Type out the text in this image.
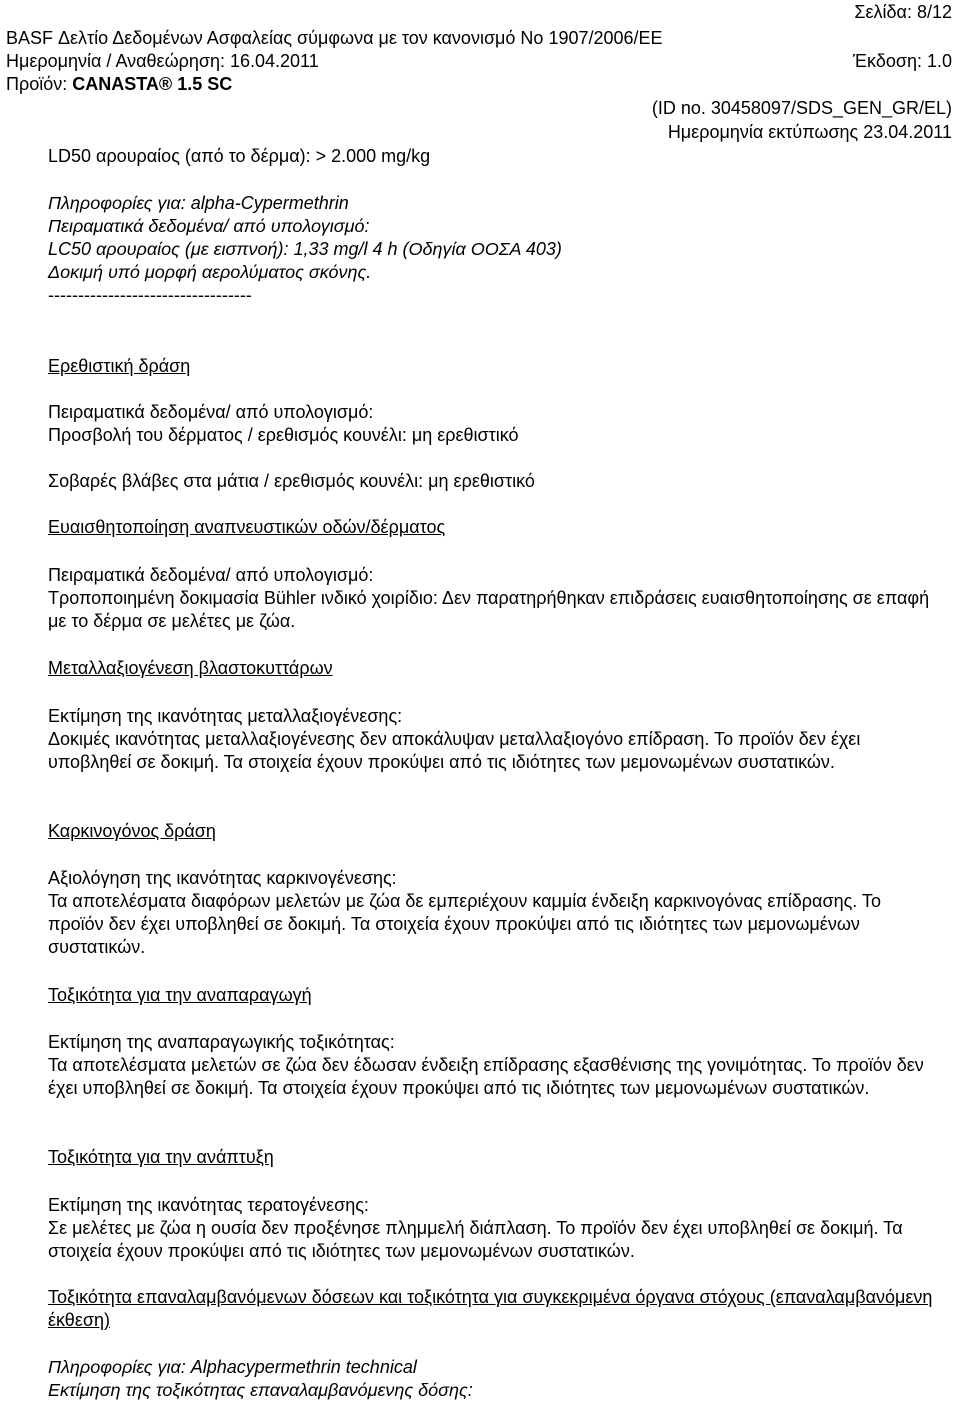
Σελίδα: 8/12
BASF Δελτίο Δεδομένων Ασφαλείας σύμφωνα με τον κανονισμό No 1907/2006/ΕΕ
Ημερομηνία / Αναθεώρηση: 16.04.2011	Έκδοση: 1.0
Προϊόν: CANASTA® 1.5 SC
(ID no. 30458097/SDS_GEN_GR/EL)
Ημερομηνία εκτύπωσης 23.04.2011
LD50 αρουραίος (από το δέρμα): > 2.000 mg/kg
Πληροφορίες για: alpha-Cypermethrin
Πειραματικά δεδομένα/ από υπολογισμό:
LC50 αρουραίος (με εισπνοή): 1,33 mg/l 4 h (Οδηγία ΟΟΣΑ 403)
Δοκιμή υπό μορφή αερολύματος σκόνης.
----------------------------------
Ερεθιστική δράση
Πειραματικά δεδομένα/ από υπολογισμό:
Προσβολή του δέρματος / ερεθισμός κουνέλι: μη ερεθιστικό
Σοβαρές βλάβες στα μάτια / ερεθισμός κουνέλι: μη ερεθιστικό
Ευαισθητοποίηση αναπνευστικών οδών/δέρματος
Πειραματικά δεδομένα/ από υπολογισμό:
Τροποποιημένη δοκιμασία Bühler ινδικό χοιρίδιο: Δεν παρατηρήθηκαν επιδράσεις ευαισθητοποίησης σε επαφή με το δέρμα σε μελέτες με ζώα.
Μεταλλαξιογένεση βλαστοκυττάρων
Εκτίμηση της ικανότητας μεταλλαξιογένεσης:
Δοκιμές ικανότητας μεταλλαξιογένεσης δεν αποκάλυψαν μεταλλαξιογόνο επίδραση. Το προϊόν δεν έχει υποβληθεί σε δοκιμή. Τα στοιχεία έχουν προκύψει από τις ιδιότητες των μεμονωμένων συστατικών.
Καρκινογόνος δράση
Αξιολόγηση της ικανότητας καρκινογένεσης:
Τα αποτελέσματα διαφόρων μελετών με ζώα δε εμπεριέχουν καμμία ένδειξη καρκινογόνας επίδρασης. Το προϊόν δεν έχει υποβληθεί σε δοκιμή. Τα στοιχεία έχουν προκύψει από τις ιδιότητες των μεμονωμένων συστατικών.
Τοξικότητα για την αναπαραγωγή
Εκτίμηση της αναπαραγωγικής τοξικότητας:
Τα αποτελέσματα μελετών σε ζώα δεν έδωσαν ένδειξη επίδρασης εξασθένισης της γονιμότητας. Το προϊόν δεν έχει υποβληθεί σε δοκιμή. Τα στοιχεία έχουν προκύψει από τις ιδιότητες των μεμονωμένων συστατικών.
Τοξικότητα για την ανάπτυξη
Εκτίμηση της ικανότητας τερατογένεσης:
Σε μελέτες με ζώα η ουσία δεν προξένησε πλημμελή διάπλαση. Το προϊόν δεν έχει υποβληθεί σε δοκιμή. Τα στοιχεία έχουν προκύψει από τις ιδιότητες των μεμονωμένων συστατικών.
Τοξικότητα επαναλαμβανόμενων δόσεων και τοξικότητα για συγκεκριμένα όργανα στόχους (επαναλαμβανόμενη έκθεση)
Πληροφορίες για: Alphacypermethrin technical
Εκτίμηση της τοξικότητας επαναλαμβανόμενης δόσης:
